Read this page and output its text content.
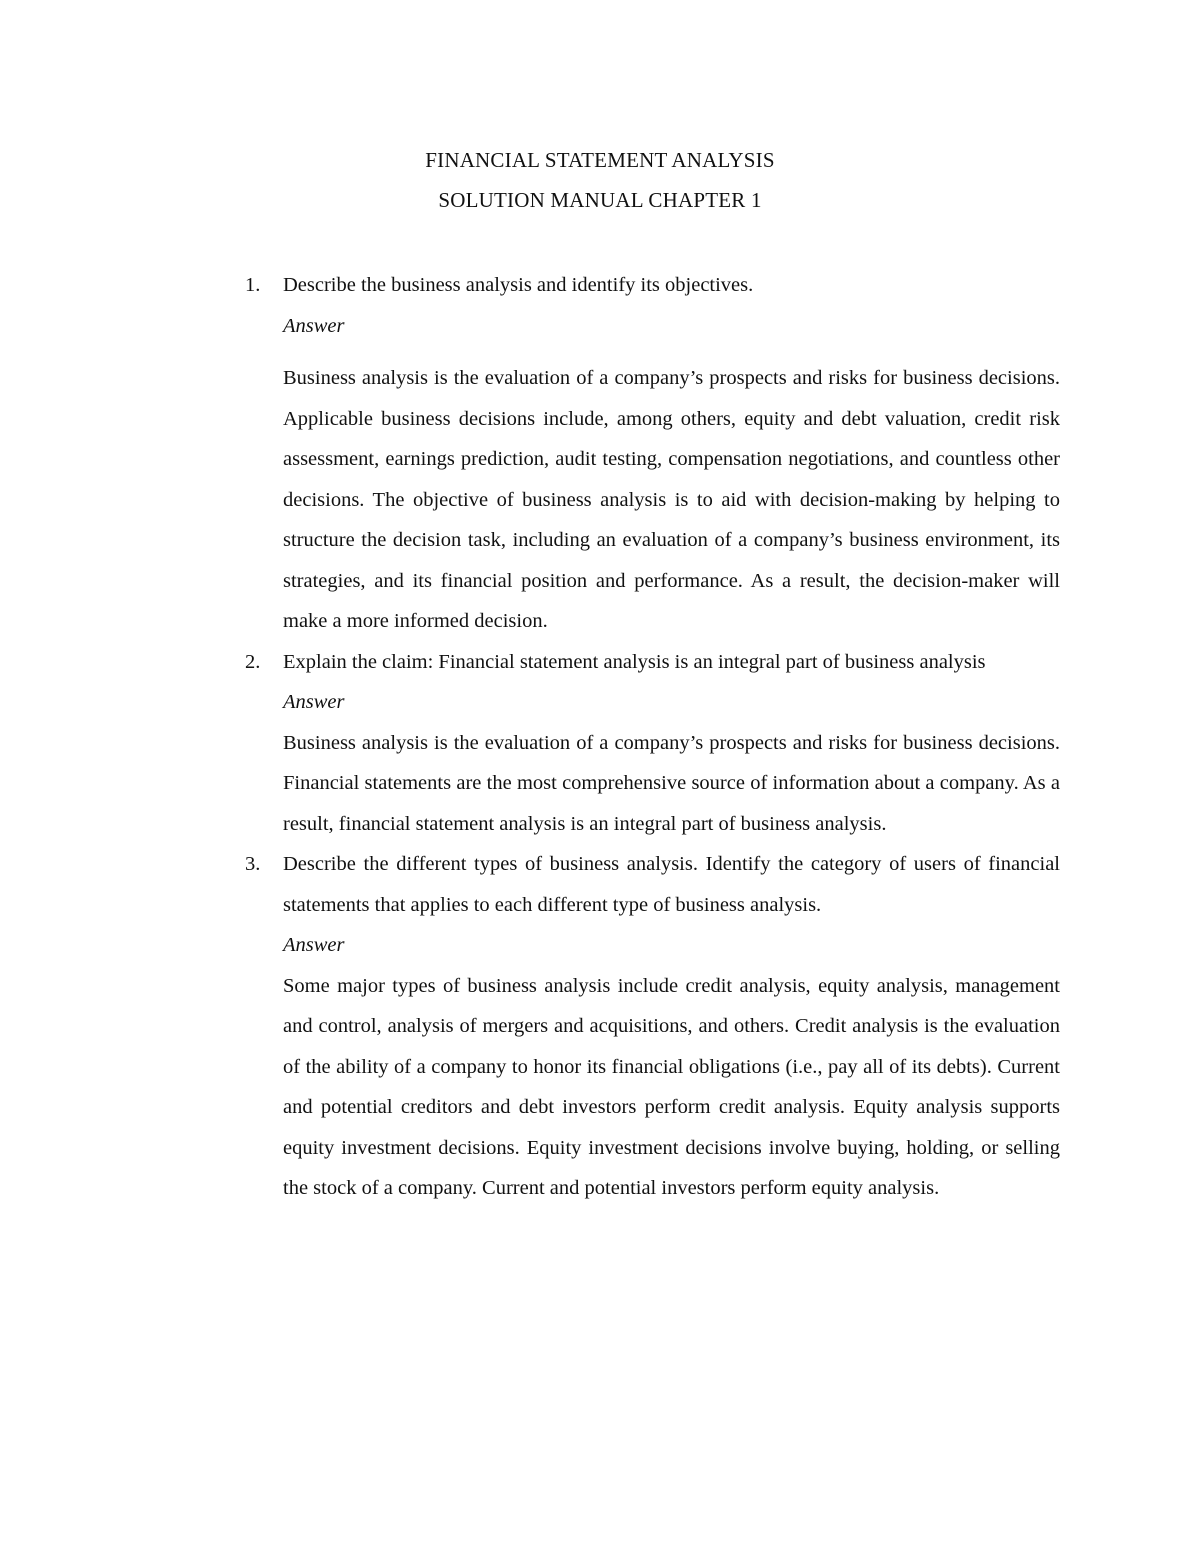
FINANCIAL STATEMENT ANALYSIS
SOLUTION MANUAL CHAPTER 1
1. Describe the business analysis and identify its objectives.
Answer
Business analysis is the evaluation of a company’s prospects and risks for business decisions. Applicable business decisions include, among others, equity and debt valuation, credit risk assessment, earnings prediction, audit testing, compensation negotiations, and countless other decisions. The objective of business analysis is to aid with decision-making by helping to structure the decision task, including an evaluation of a company’s business environment, its strategies, and its financial position and performance. As a result, the decision-maker will make a more informed decision.
2. Explain the claim: Financial statement analysis is an integral part of business analysis
Answer
Business analysis is the evaluation of a company’s prospects and risks for business decisions. Financial statements are the most comprehensive source of information about a company. As a result, financial statement analysis is an integral part of business analysis.
3. Describe the different types of business analysis. Identify the category of users of financial statements that applies to each different type of business analysis.
Answer
Some major types of business analysis include credit analysis, equity analysis, management and control, analysis of mergers and acquisitions, and others. Credit analysis is the evaluation of the ability of a company to honor its financial obligations (i.e., pay all of its debts). Current and potential creditors and debt investors perform credit analysis. Equity analysis supports equity investment decisions. Equity investment decisions involve buying, holding, or selling the stock of a company. Current and potential investors perform equity analysis.
